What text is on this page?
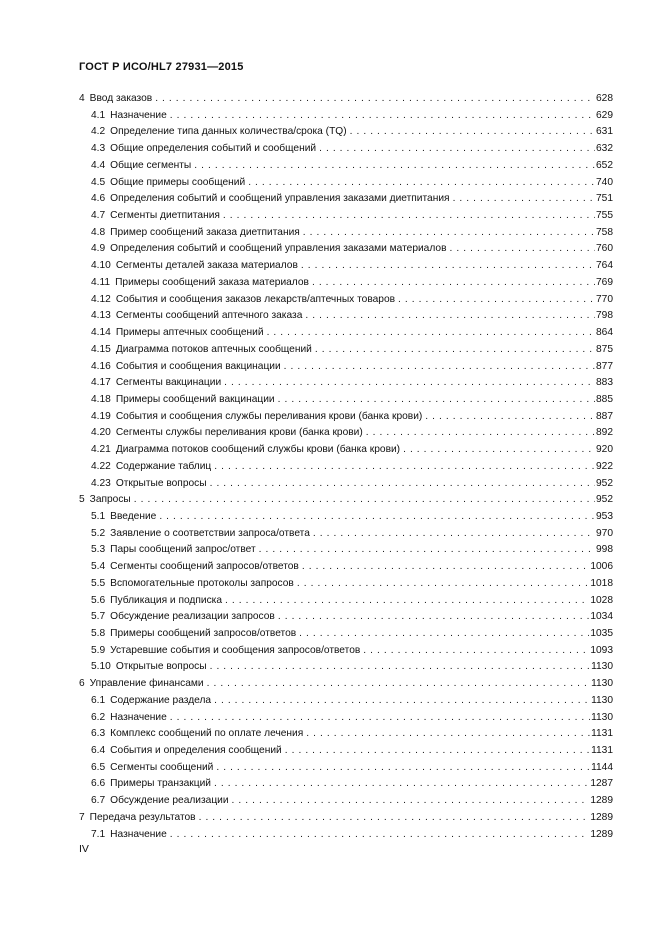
ГОСТ Р ИСО/HL7 27931—2015
4 Ввод заказов . . .	628
4.1 Назначение . . .	629
4.2 Определение типа данных количества/срока (TQ) . . .	631
4.3 Общие определения событий и сообщений . . .	632
4.4 Общие сегменты . . .	652
4.5 Общие примеры сообщений . . .	740
4.6 Определения событий и сообщений управления заказами диетпитания . . .	751
4.7 Сегменты диетпитания . . .	755
4.8 Пример сообщений заказа диетпитания . . .	758
4.9 Определения событий и сообщений управления заказами материалов . . .	760
4.10 Сегменты деталей заказа материалов . . .	764
4.11 Примеры сообщений заказа материалов . . .	769
4.12 События и сообщения заказов лекарств/аптечных товаров . . .	770
4.13 Сегменты сообщений аптечного заказа . . .	798
4.14 Примеры аптечных сообщений . . .	864
4.15 Диаграмма потоков аптечных сообщений . . .	875
4.16 События и сообщения вакцинации . . .	877
4.17 Сегменты вакцинации . . .	883
4.18 Примеры сообщений вакцинации . . .	885
4.19 События и сообщения службы переливания крови (банка крови) . . .	887
4.20 Сегменты службы переливания крови (банка крови) . . .	892
4.21 Диаграмма потоков сообщений службы крови (банка крови) . . .	920
4.22 Содержание таблиц . . .	922
4.23 Открытые вопросы . . .	952
5 Запросы . . .	952
5.1 Введение . . .	953
5.2 Заявление о соответствии запроса/ответа . . .	970
5.3 Пары сообщений запрос/ответ . . .	998
5.4 Сегменты сообщений запросов/ответов . . .	1006
5.5 Вспомогательные протоколы запросов . . .	1018
5.6 Публикация и подписка . . .	1028
5.7 Обсуждение реализации запросов . . .	1034
5.8 Примеры сообщений запросов/ответов . . .	1035
5.9 Устаревшие события и сообщения запросов/ответов . . .	1093
5.10 Открытые вопросы . . .	1130
6 Управление финансами . . .	1130
6.1 Содержание раздела . . .	1130
6.2 Назначение . . .	1130
6.3 Комплекс сообщений по оплате лечения . . .	1131
6.4 События и определения сообщений . . .	1131
6.5 Сегменты сообщений . . .	1144
6.6 Примеры транзакций . . .	1287
6.7 Обсуждение реализации . . .	1289
7 Передача результатов . . .	1289
7.1 Назначение . . .	1289
IV
